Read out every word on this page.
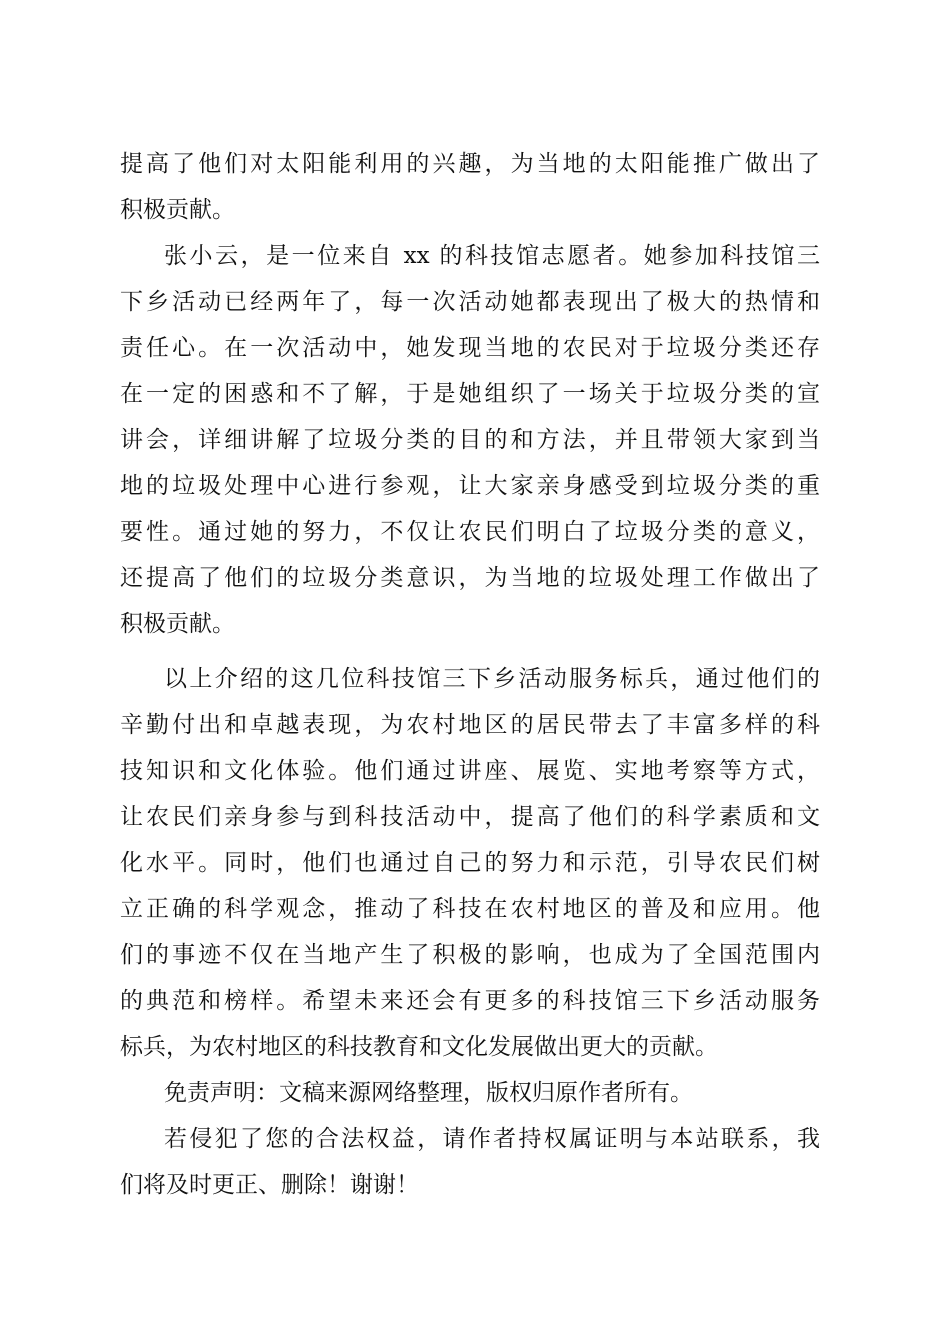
提高了他们对太阳能利用的兴趣，为当地的太阳能推广做出了
积极贡献。
张小云，是一位来自 xx 的科技馆志愿者。她参加科技馆三
下乡活动已经两年了，每一次活动她都表现出了极大的热情和
责任心。在一次活动中，她发现当地的农民对于垃圾分类还存
在一定的困惑和不了解，于是她组织了一场关于垃圾分类的宣
讲会，详细讲解了垃圾分类的目的和方法，并且带领大家到当
地的垃圾处理中心进行参观，让大家亲身感受到垃圾分类的重
要性。通过她的努力，不仅让农民们明白了垃圾分类的意义，
还提高了他们的垃圾分类意识，为当地的垃圾处理工作做出了
积极贡献。
以上介绍的这几位科技馆三下乡活动服务标兵，通过他们的
辛勤付出和卓越表现，为农村地区的居民带去了丰富多样的科
技知识和文化体验。他们通过讲座、展览、实地考察等方式，
让农民们亲身参与到科技活动中，提高了他们的科学素质和文
化水平。同时，他们也通过自己的努力和示范，引导农民们树
立正确的科学观念，推动了科技在农村地区的普及和应用。他
们的事迹不仅在当地产生了积极的影响，也成为了全国范围内
的典范和榜样。希望未来还会有更多的科技馆三下乡活动服务
标兵，为农村地区的科技教育和文化发展做出更大的贡献。
免责声明：文稿来源网络整理，版权归原作者所有。
若侵犯了您的合法权益，请作者持权属证明与本站联系，我
们将及时更正、删除！谢谢！
